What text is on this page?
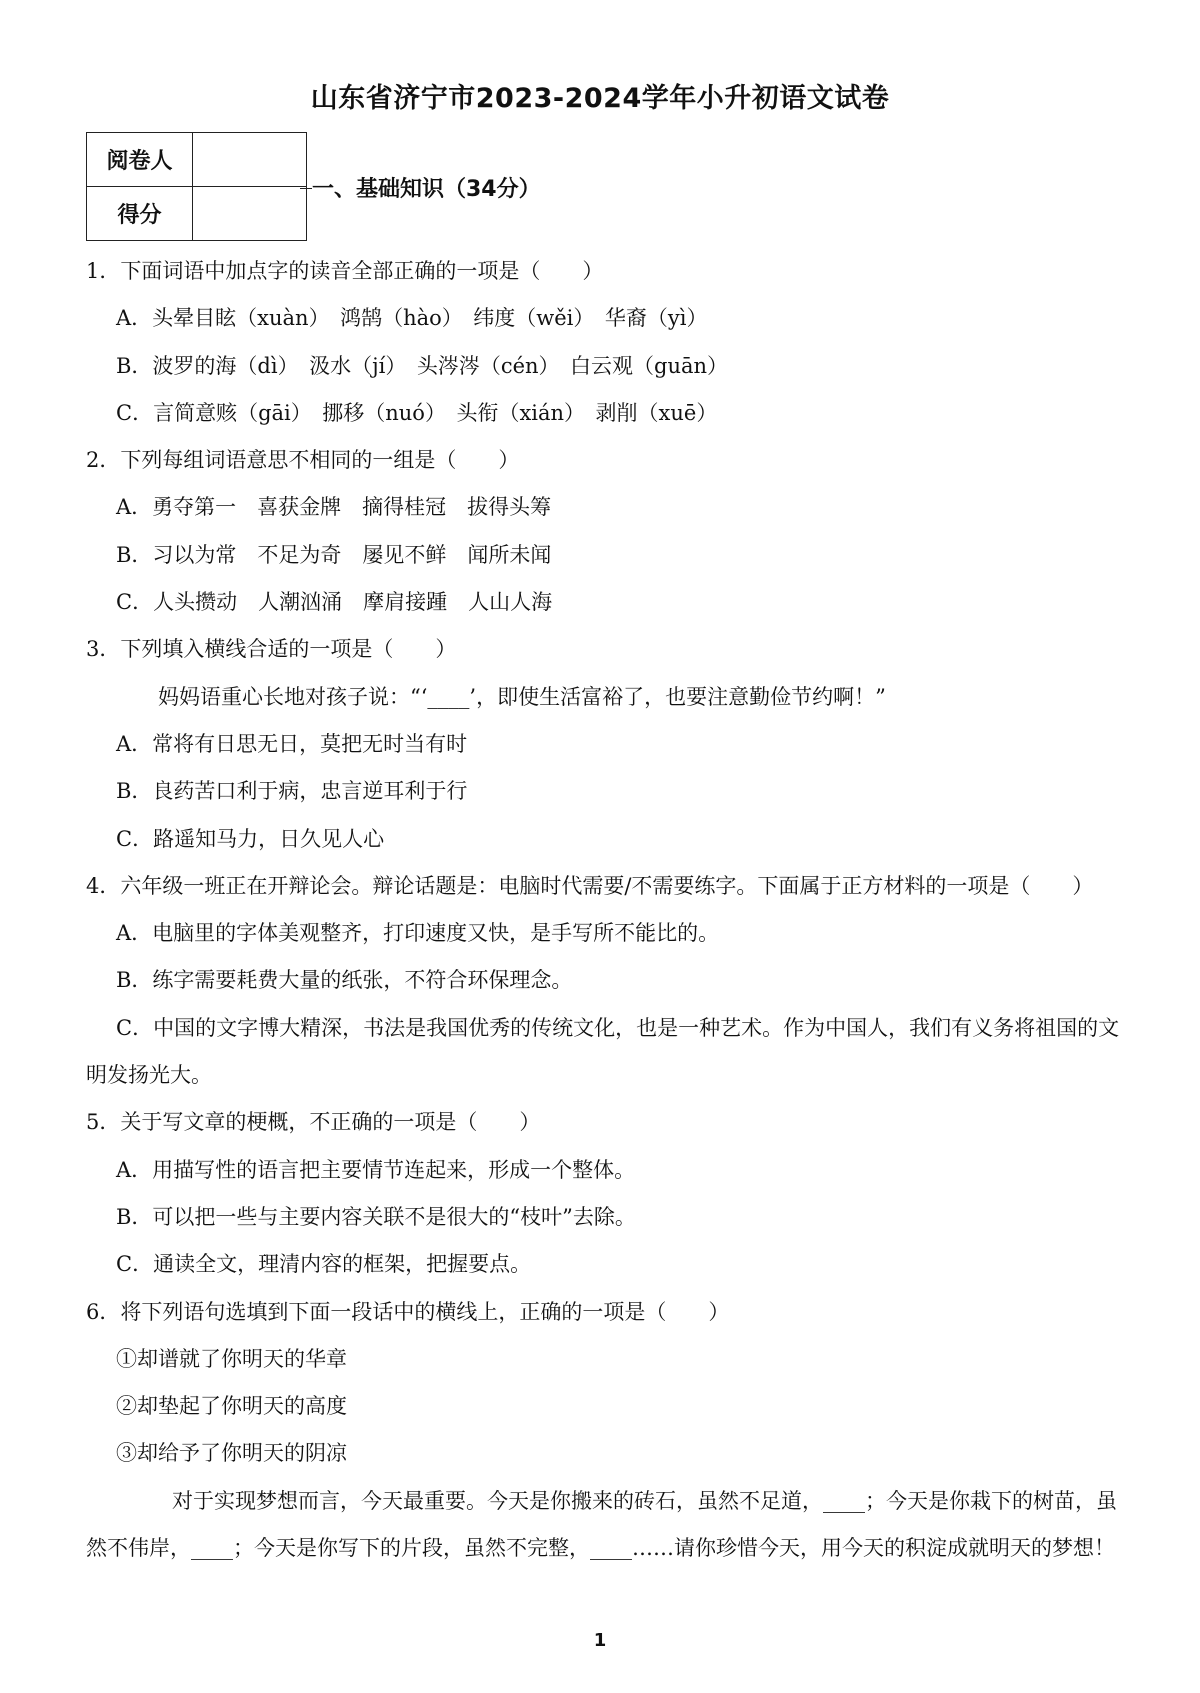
山东省济宁市2023-2024学年小升初语文试卷
阅卷人	
得分	
一、基础知识（34分）

1．下面词语中加点字的读音全部正确的一项是（　　）

A．头晕目眩（xuàn）　鸿鹄（hào）　纬度（wěi）　华裔（yì）

B．波罗的海（dì）　汲水（jí）　头涔涔（cén）　白云观（guān）

C．言简意赅（gāi）　挪移（nuó）　头衔（xián）　剥削（xuē）

2．下列每组词语意思不相同的一组是（　　）

A．勇夺第一　喜获金牌　摘得桂冠　拔得头筹

B．习以为常　不足为奇　屡见不鲜　闻所未闻

C．人头攒动　人潮汹涌　摩肩接踵　人山人海

3．下列填入横线合适的一项是（　　）

妈妈语重心长地对孩子说：“‘____’，即使生活富裕了，也要注意勤俭节约啊！”

A．常将有日思无日，莫把无时当有时

B．良药苦口利于病，忠言逆耳利于行

C．路遥知马力，日久见人心

4．六年级一班正在开辩论会。辩论话题是：电脑时代需要/不需要练字。下面属于正方材料的一项是（　　）

A．电脑里的字体美观整齐，打印速度又快，是手写所不能比的。

B．练字需要耗费大量的纸张，不符合环保理念。

C．中国的文字博大精深，书法是我国优秀的传统文化，也是一种艺术。作为中国人，我们有义务将祖国的文明发扬光大。

5．关于写文章的梗概，不正确的一项是（　　）

A．用描写性的语言把主要情节连起来，形成一个整体。

B．可以把一些与主要内容关联不是很大的“枝叶”去除。

C．通读全文，理清内容的框架，把握要点。

6．将下列语句选填到下面一段话中的横线上，正确的一项是（　　）

①却谱就了你明天的华章

②却垫起了你明天的高度

③却给予了你明天的阴凉

对于实现梦想而言，今天最重要。今天是你搬来的砖石，虽然不足道，____；今天是你栽下的树苗，虽然不伟岸，____；今天是你写下的片段，虽然不完整，____……请你珍惜今天，用今天的积淀成就明天的梦想！

1
